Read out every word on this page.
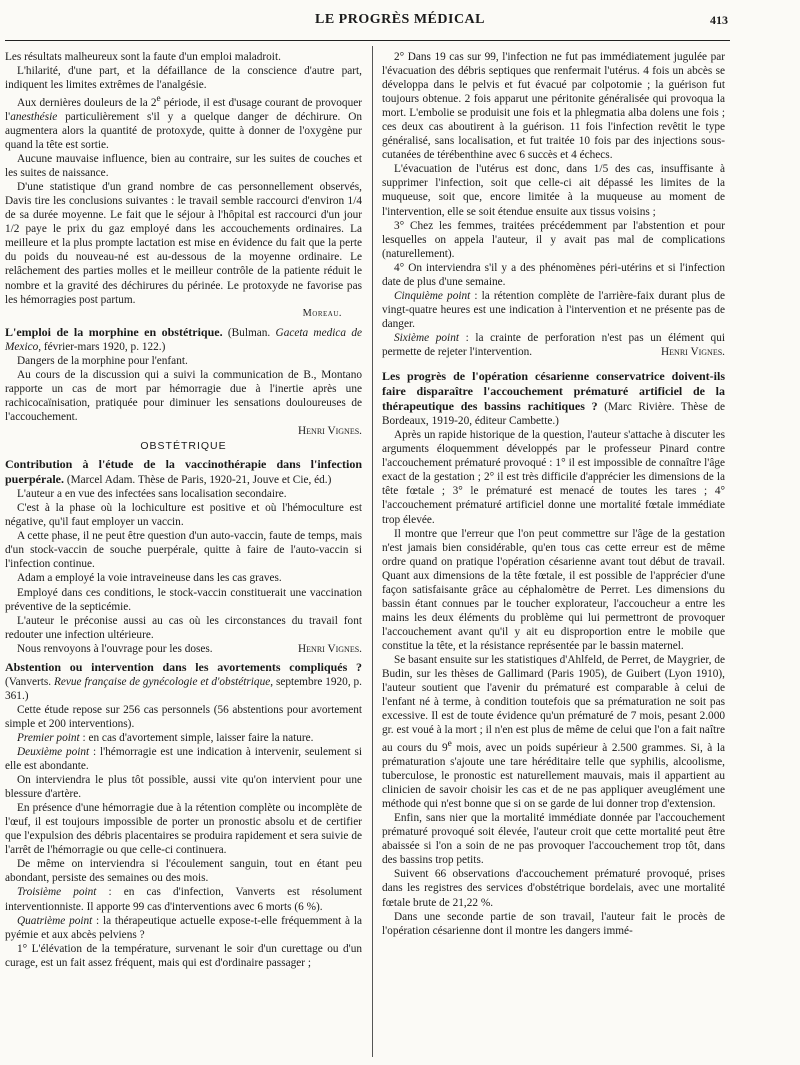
LE PROGRÈS MÉDICAL	413

Les résultats malheureux sont la faute d'un emploi maladroit.

L'hilarité, d'une part, et la défaillance de la conscience d'autre part, indiquent les limites extrêmes de l'analgésie.

Aux dernières douleurs de la 2e période, il est d'usage courant de provoquer l'anesthésie particulièrement s'il y a quelque danger de déchirure. On augmentera alors la quantité de protoxyde, quitte à donner de l'oxygène pur quand la tête est sortie.

Aucune mauvaise influence, bien au contraire, sur les suites de couches et les suites de naissance.

D'une statistique d'un grand nombre de cas personnellement observés, Davis tire les conclusions suivantes : le travail semble raccourci d'environ 1/4 de sa durée moyenne. Le fait que le séjour à l'hôpital est raccourci d'un jour 1/2 paye le prix du gaz employé dans les accouchements ordinaires. La meilleure et la plus prompte lactation est mise en évidence du fait que la perte du poids du nouveau-né est au-dessous de la moyenne ordinaire. Le relâchement des parties molles et le meilleur contrôle de la patiente réduit le nombre et la gravité des déchirures du périnée. Le protoxyde ne favorise pas les hémorragies post partum.

Moreau.

L'emploi de la morphine en obstétrique. (Bulman. Gaceta medica de Mexico, février-mars 1920, p. 122.)

Dangers de la morphine pour l'enfant.

Au cours de la discussion qui a suivi la communication de B., Montano rapporte un cas de mort par hémorragie due à l'inertie après une rachicocaïnisation, pratiquée pour diminuer les sensations douloureuses de l'accouchement.

Henri Vignes.
OBSTÉTRIQUE

Contribution à l'étude de la vaccinothérapie dans l'infection puerpérale. (Marcel Adam. Thèse de Paris, 1920-21, Jouve et Cie, éd.)

L'auteur a en vue des infectées sans localisation secondaire.

C'est à la phase où la lochiculture est positive et où l'hémoculture est négative, qu'il faut employer un vaccin.

A cette phase, il ne peut être question d'un auto-vaccin, faute de temps, mais d'un stock-vaccin de souche puerpérale, quitte à faire de l'auto-vaccin si l'infection continue.

Adam a employé la voie intraveineuse dans les cas graves.

Employé dans ces conditions, le stock-vaccin constituerait une vaccination préventive de la septicémie.

L'auteur le préconise aussi au cas où les circonstances du travail font redouter une infection ultérieure.

Nous renvoyons à l'ouvrage pour les doses.	Henri Vignes.

Abstention ou intervention dans les avortements compliqués ? (Vanverts. Revue française de gynécologie et d'obstétrique, septembre 1920, p. 361.)

Cette étude repose sur 256 cas personnels (56 abstentions pour avortement simple et 200 interventions).

Premier point : en cas d'avortement simple, laisser faire la nature.

Deuxième point : l'hémorragie est une indication à intervenir, seulement si elle est abondante.

On interviendra le plus tôt possible, aussi vite qu'on intervient pour une blessure d'artère.

En présence d'une hémorragie due à la rétention complète ou incomplète de l'œuf, il est toujours impossible de porter un pronostic absolu et de certifier que l'expulsion des débris placentaires se produira rapidement et sera suivie de l'arrêt de l'hémorragie ou que celle-ci continuera.

De même on interviendra si l'écoulement sanguin, tout en étant peu abondant, persiste des semaines ou des mois.

Troisième point : en cas d'infection, Vanverts est résolument interventionniste. Il apporte 99 cas d'interventions avec 6 morts (6 %).

Quatrième point : la thérapeutique actuelle expose-t-elle fréquemment à la pyémie et aux abcès pelviens ?

1° L'élévation de la température, survenant le soir d'un curettage ou d'un curage, est un fait assez fréquent, mais qui est d'ordinaire passager ;

2° Dans 19 cas sur 99, l'infection ne fut pas immédiatement jugulée par l'évacuation des débris septiques que renfermait l'utérus. 4 fois un abcès se développa dans le pelvis et fut évacué par colpotomie ; la guérison fut toujours obtenue. 2 fois apparut une péritonite généralisée qui provoqua la mort. L'embolie se produisit une fois et la phlegmatia alba dolens une fois ; ces deux cas aboutirent à la guérison. 11 fois l'infection revêtit le type généralisé, sans localisation, et fut traitée 10 fois par des injections sous-cutanées de térébenthine avec 6 succès et 4 échecs.

L'évacuation de l'utérus est donc, dans 1/5 des cas, insuffisante à supprimer l'infection, soit que celle-ci ait dépassé les limites de la muqueuse, soit que, encore limitée à la muqueuse au moment de l'intervention, elle se soit étendue ensuite aux tissus voisins ;

3° Chez les femmes, traitées précédemment par l'abstention et pour lesquelles on appela l'auteur, il y avait pas mal de complications (naturellement).

4° On interviendra s'il y a des phénomènes péri-utérins et si l'infection date de plus d'une semaine.

Cinquième point : la rétention complète de l'arrière-faix durant plus de vingt-quatre heures est une indication à l'intervention et ne présente pas de danger.

Sixième point : la crainte de perforation n'est pas un élément qui permette de rejeter l'intervention.	Henri Vignes.

Les progrès de l'opération césarienne conservatrice doivent-ils faire disparaître l'accouchement prématuré artificiel de la thérapeutique des bassins rachitiques ? (Marc Rivière. Thèse de Bordeaux, 1919-20, éditeur Cambette.)

Après un rapide historique de la question, l'auteur s'attache à discuter les arguments éloquemment développés par le professeur Pinard contre l'accouchement prématuré provoqué : 1° il est impossible de connaître l'âge exact de la gestation ; 2° il est très difficile d'apprécier les dimensions de la tête fœtale ; 3° le prématuré est menacé de toutes les tares ; 4° l'accouchement prématuré artificiel donne une mortalité fœtale immédiate trop élevée.

Il montre que l'erreur que l'on peut commettre sur l'âge de la gestation n'est jamais bien considérable, qu'en tous cas cette erreur est de même ordre quand on pratique l'opération césarienne avant tout début de travail. Quant aux dimensions de la tête fœtale, il est possible de l'apprécier d'une façon satisfaisante grâce au céphalomètre de Perret. Les dimensions du bassin étant connues par le toucher explorateur, l'accoucheur a entre les mains les deux éléments du problème qui lui permettront de provoquer l'accouchement avant qu'il y ait eu disproportion entre le mobile que constitue la tête, et la résistance représentée par le bassin maternel.

Se basant ensuite sur les statistiques d'Ahlfeld, de Perret, de Maygrier, de Budin, sur les thèses de Gallimard (Paris 1905), de Guibert (Lyon 1910), l'auteur soutient que l'avenir du prématuré est comparable à celui de l'enfant né à terme, à condition toutefois que sa prématuration ne soit pas excessive. Il est de toute évidence qu'un prématuré de 7 mois, pesant 2.000 gr. est voué à la mort ; il n'en est plus de même de celui que l'on a fait naître au cours du 9e mois, avec un poids supérieur à 2.500 grammes. Si, à la prématuration s'ajoute une tare héréditaire telle que syphilis, alcoolisme, tuberculose, le pronostic est naturellement mauvais, mais il appartient au clinicien de savoir choisir les cas et de ne pas appliquer aveuglément une méthode qui n'est bonne que si on se garde de lui donner trop d'extension.

Enfin, sans nier que la mortalité immédiate donnée par l'accouchement prématuré provoqué soit élevée, l'auteur croit que cette mortalité peut être abaissée si l'on a soin de ne pas provoquer l'accouchement trop tôt, dans des bassins trop petits.

Suivent 66 observations d'accouchement prématuré provoqué, prises dans les registres des services d'obstétrique bordelais, avec une mortalité fœtale brute de 21,22 %.

Dans une seconde partie de son travail, l'auteur fait le procès de l'opération césarienne dont il montre les dangers immé-
